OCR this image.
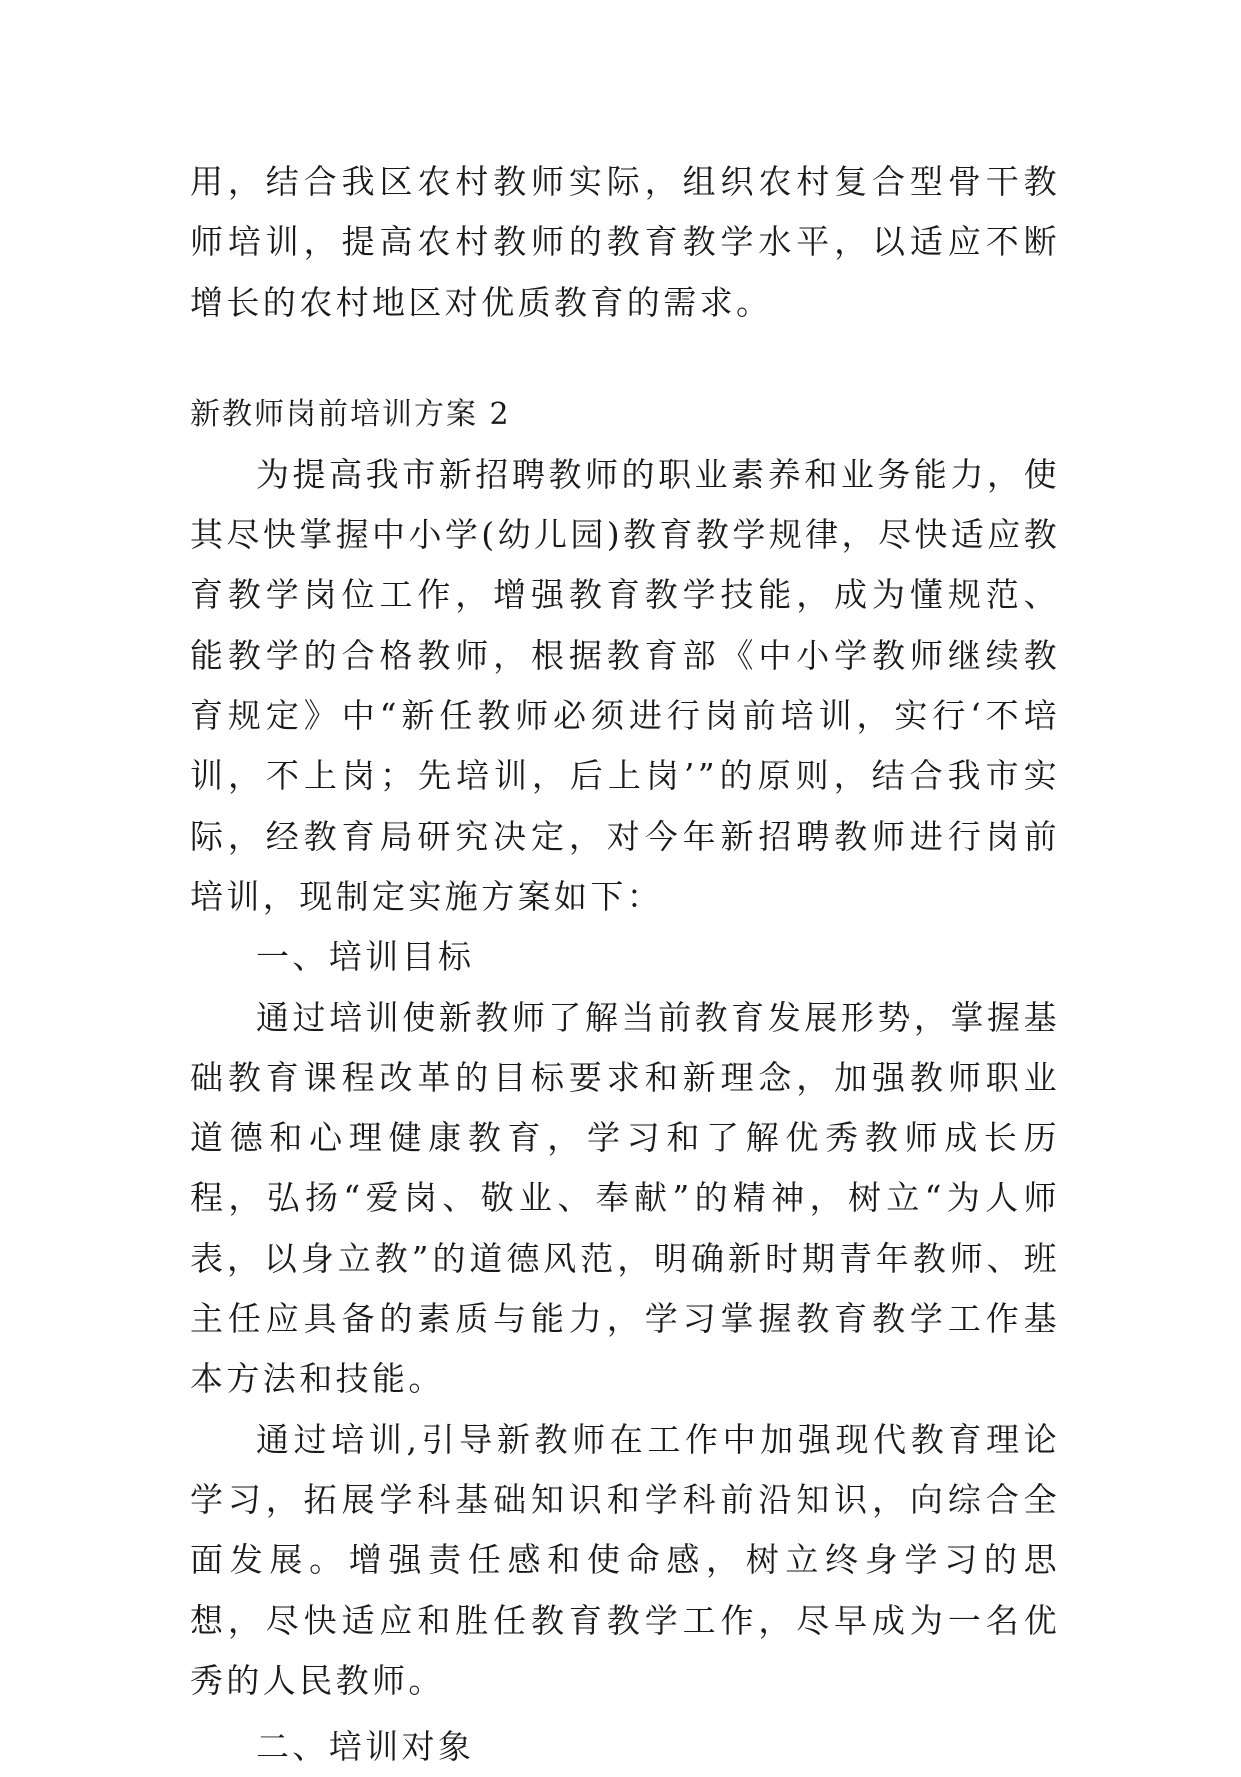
用，结合我区农村教师实际，组织农村复合型骨干教师培训，提高农村教师的教育教学水平，以适应不断增长的农村地区对优质教育的需求。

新教师岗前培训方案 2

为提高我市新招聘教师的职业素养和业务能力，使其尽快掌握中小学(幼儿园)教育教学规律，尽快适应教育教学岗位工作，增强教育教学技能，成为懂规范、能教学的合格教师，根据教育部《中小学教师继续教育规定》中“新任教师必须进行岗前培训，实行‘不培训，不上岗；先培训，后上岗’”的原则，结合我市实际，经教育局研究决定，对今年新招聘教师进行岗前培训，现制定实施方案如下：

一、培训目标

通过培训使新教师了解当前教育发展形势，掌握基础教育课程改革的目标要求和新理念，加强教师职业道德和心理健康教育，学习和了解优秀教师成长历程，弘扬“爱岗、敬业、奉献”的精神，树立“为人师表，以身立教”的道德风范，明确新时期青年教师、班主任应具备的素质与能力，学习掌握教育教学工作基本方法和技能。

通过培训,引导新教师在工作中加强现代教育理论学习，拓展学科基础知识和学科前沿知识，向综合全面发展。增强责任感和使命感，树立终身学习的思想，尽快适应和胜任教育教学工作，尽早成为一名优秀的人民教师。

二、培训对象
